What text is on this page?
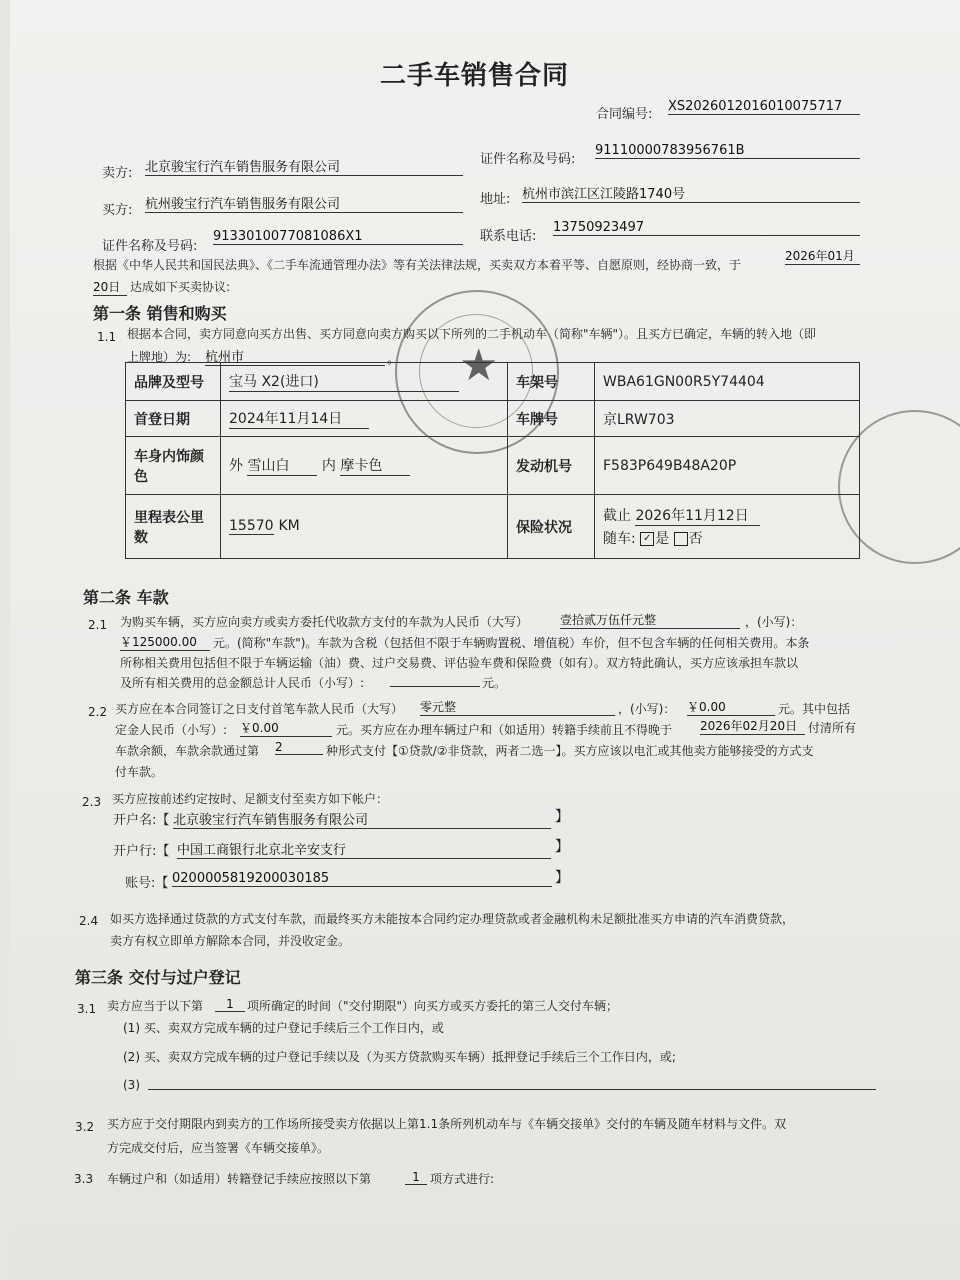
二手车销售合同
合同编号:
XS2026012016010075717
卖方: 北京骏宝行汽车销售服务有限公司
证件名称及号码:
91110000783956761B
买方: 杭州骏宝行汽车销售服务有限公司	地址: 杭州市滨江区江陵路1740号
证件名称及号码:
9133010077081086X1	联系电话:
13750923497
根据《中华人民共和国民法典》、《二手车流通管理办法》等有关法律法规，买卖双方本着平等、自愿原则，经协商一致，于
2026年01月
20日 达成如下买卖协议:
第一条 销售和购买
1.1 根据本合同，卖方同意向买方出售、买方同意向卖方购买以下所列的二手机动车（简称"车辆"）。且买方已确定，车辆的转入地（即
上牌地）为: 杭州市	。 ★
品牌及型号	宝马 X2(进口)	车架号	WBA61GN00R5Y74404
首登日期	2024年11月14日	车牌号	京LRW703
车身内饰颜色	外 雪山白 内 摩卡色	发动机号	F583P649B48A20P
里程表公里数	15570 KM	保险状况	截止 2026年11月12日
随车: ✓ 是 否
第二条 车款
2.1 为购买车辆，买方应向卖方或卖方委托代收款方支付的车款为人民币（大写）	壹拾贰万伍仟元整	，(小写)：
￥125000.00	元。(简称"车款")。车款为含税（包括但不限于车辆购置税、增值税）车价，但不包含车辆的任何相关费用。本条
所称相关费用包括但不限于车辆运输（油）费、过户交易费、评估验车费和保险费（如有）。双方特此确认，买方应该承担车款以
及所有相关费用的总金额总计人民币（小写）:	元。
2.2 买方应在本合同签订之日支付首笔车款人民币（大写） 零元整	，(小写)： ￥0.00	元。其中包括
定金人民币（小写）: ￥0.00	元。买方应在办理车辆过户和（如适用）转籍手续前且不得晚于 2026年02月20日 付清所有
车款余额，车款余款通过第 2	种形式支付【①贷款/②非贷款，两者二选一】。买方应该以电汇或其他卖方能够接受的方式支
付车款。
2.3 买方应按前述约定按时、足额支付至卖方如下帐户：
开户名:【 北京骏宝行汽车销售服务有限公司	】
开户行:【 中国工商银行北京北辛安支行	】
账号:【 0200005819200030185	】
2.4 如买方选择通过贷款的方式支付车款，而最终买方未能按本合同约定办理贷款或者金融机构未足额批准买方申请的汽车消费贷款，
卖方有权立即单方解除本合同，并没收定金。
第三条 交付与过户登记
3.1 卖方应当于以下第	1	项所确定的时间（"交付期限"）向买方或买方委托的第三人交付车辆；
(1) 买、卖双方完成车辆的过户登记手续后三个工作日内，或
(2) 买、卖双方完成车辆的过户登记手续以及（为买方贷款购买车辆）抵押登记手续后三个工作日内，或;
(3)
3.2 买方应于交付期限内到卖方的工作场所接受卖方依据以上第1.1条所列机动车与《车辆交接单》交付的车辆及随车材料与文件。双
方完成交付后，应当签署《车辆交接单》。
3.3 车辆过户和（如适用）转籍登记手续应按照以下第	1 项方式进行:
